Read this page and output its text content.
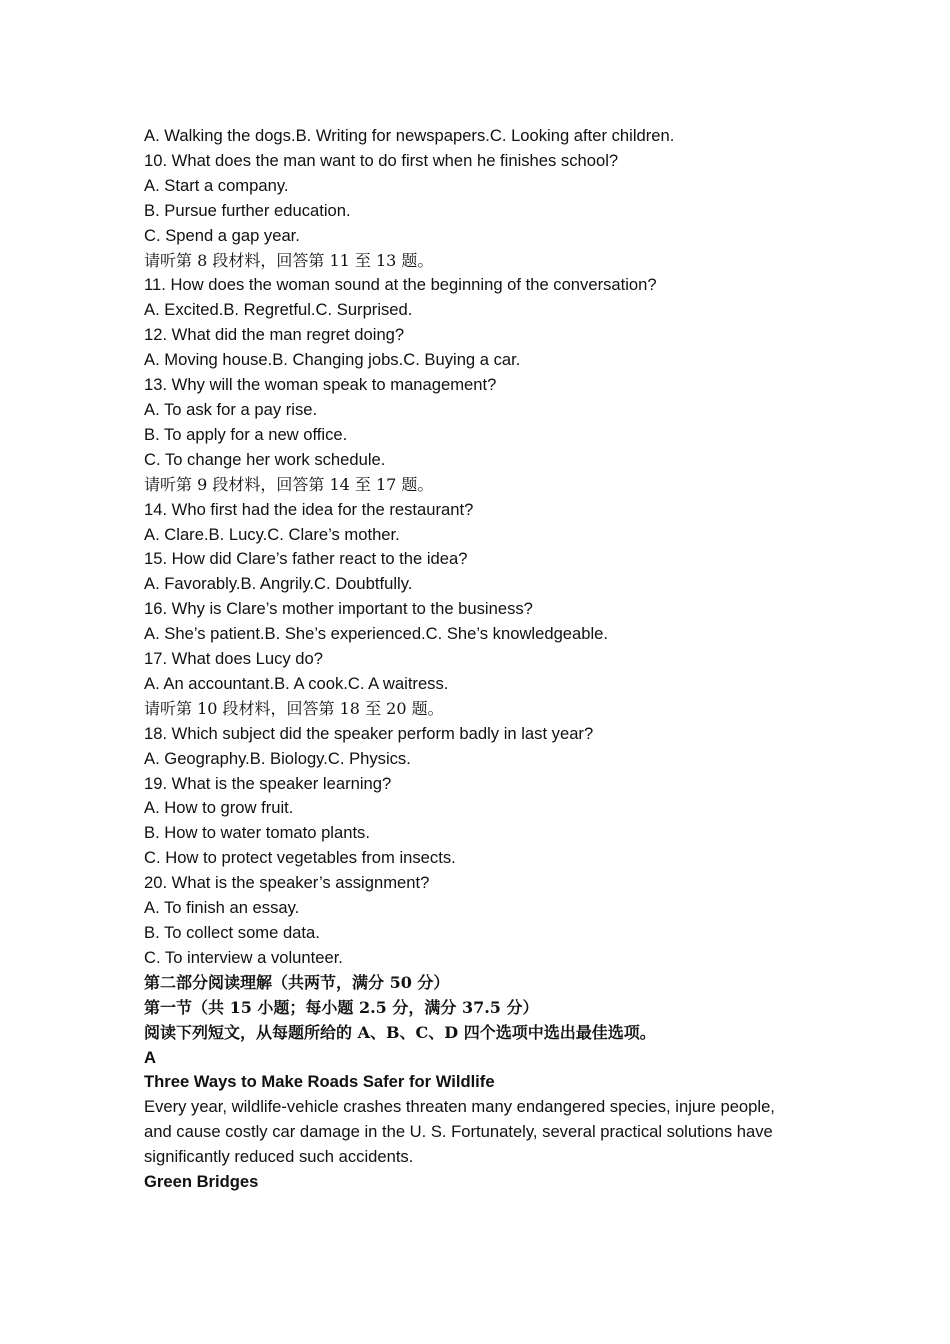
A. Walking the dogs.B. Writing for newspapers.C. Looking after children.
10. What does the man want to do first when he finishes school?
A. Start a company.
B. Pursue further education.
C. Spend a gap year.
请听第 8 段材料，回答第 11 至 13 题。
11. How does the woman sound at the beginning of the conversation?
A. Excited.B. Regretful.C. Surprised.
12. What did the man regret doing?
A. Moving house.B. Changing jobs.C. Buying a car.
13. Why will the woman speak to management?
A. To ask for a pay rise.
B. To apply for a new office.
C. To change her work schedule.
请听第 9 段材料，回答第 14 至 17 题。
14. Who first had the idea for the restaurant?
A. Clare.B. Lucy.C. Clare’s mother.
15. How did Clare’s father react to the idea?
A. Favorably.B. Angrily.C. Doubtfully.
16. Why is Clare’s mother important to the business?
A. She’s patient.B. She’s experienced.C. She’s knowledgeable.
17. What does Lucy do?
A. An accountant.B. A cook.C. A waitress.
请听第 10 段材料，回答第 18 至 20 题。
18. Which subject did the speaker perform badly in last year?
A. Geography.B. Biology.C. Physics.
19. What is the speaker learning?
A. How to grow fruit.
B. How to water tomato plants.
C. How to protect vegetables from insects.
20. What is the speaker’s assignment?
A. To finish an essay.
B. To collect some data.
C. To interview a volunteer.
第二部分阅读理解（共两节，满分 50 分）
第一节（共 15 小题；每小题 2.5 分，满分 37.5 分）
阅读下列短文，从每题所给的 A、B、C、D 四个选项中选出最佳选项。
A
Three Ways to Make Roads Safer for Wildlife
Every year, wildlife-vehicle crashes threaten many endangered species, injure people, and cause costly car damage in the U. S. Fortunately, several practical solutions have significantly reduced such accidents.
Green Bridges
